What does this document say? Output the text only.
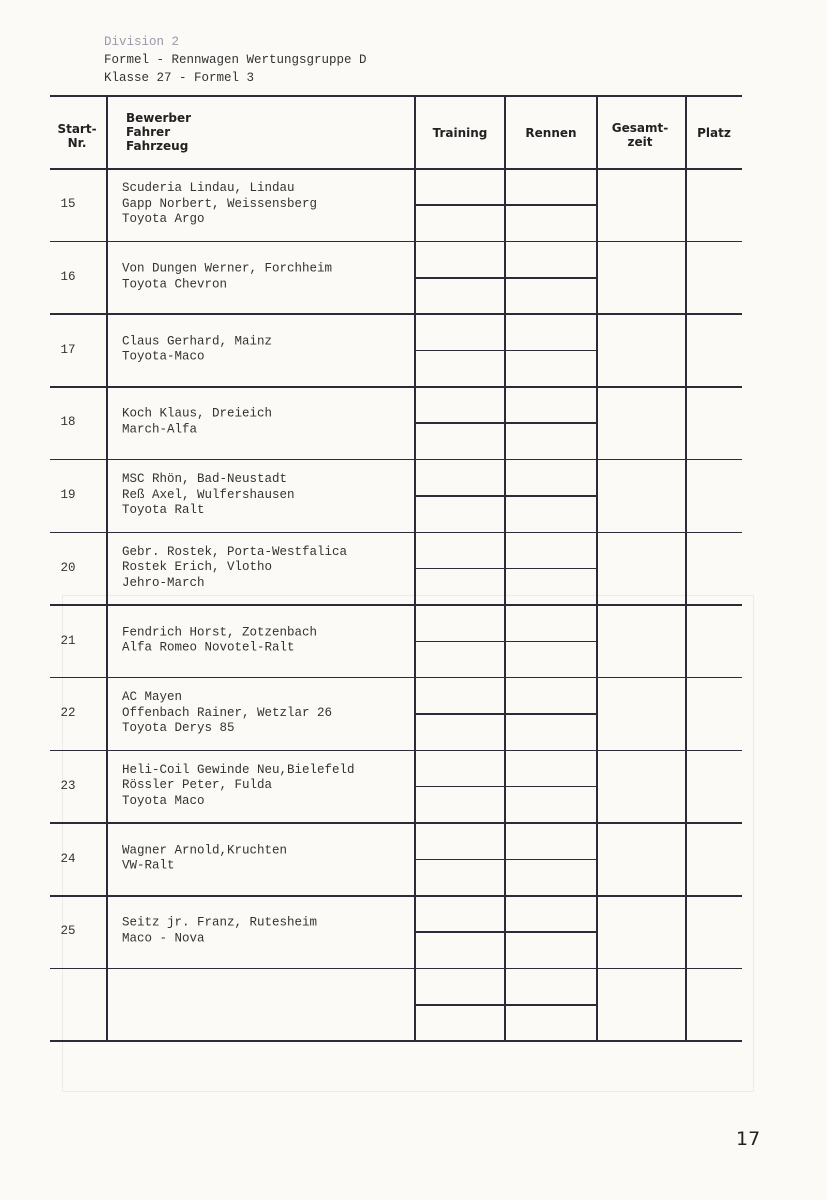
Division 2
Formel - Rennwagen Wertungsgruppe D
Klasse 27 - Formel 3
Start-
Nr.
Bewerber
Fahrer
Fahrzeug
Training	Rennen	Gesamt-
zeit
Platz
15
Scuderia Lindau, Lindau
Gapp Norbert, Weissensberg
Toyota Argo
16
Von Dungen Werner, Forchheim
Toyota Chevron
17
Claus Gerhard, Mainz
Toyota-Maco
18
Koch Klaus, Dreieich
March-Alfa
19
MSC Rhön, Bad-Neustadt
Reß Axel, Wulfershausen
Toyota Ralt
20
Gebr. Rostek, Porta-Westfalica
Rostek Erich, Vlotho
Jehro-March
21
Fendrich Horst, Zotzenbach
Alfa Romeo Novotel-Ralt
22
AC Mayen
Offenbach Rainer, Wetzlar 26
Toyota Derys 85
23
Heli-Coil Gewinde Neu,Bielefeld
Rössler Peter, Fulda
Toyota Maco
24
Wagner Arnold,Kruchten
VW-Ralt
25
Seitz jr. Franz, Rutesheim
Maco - Nova
17
